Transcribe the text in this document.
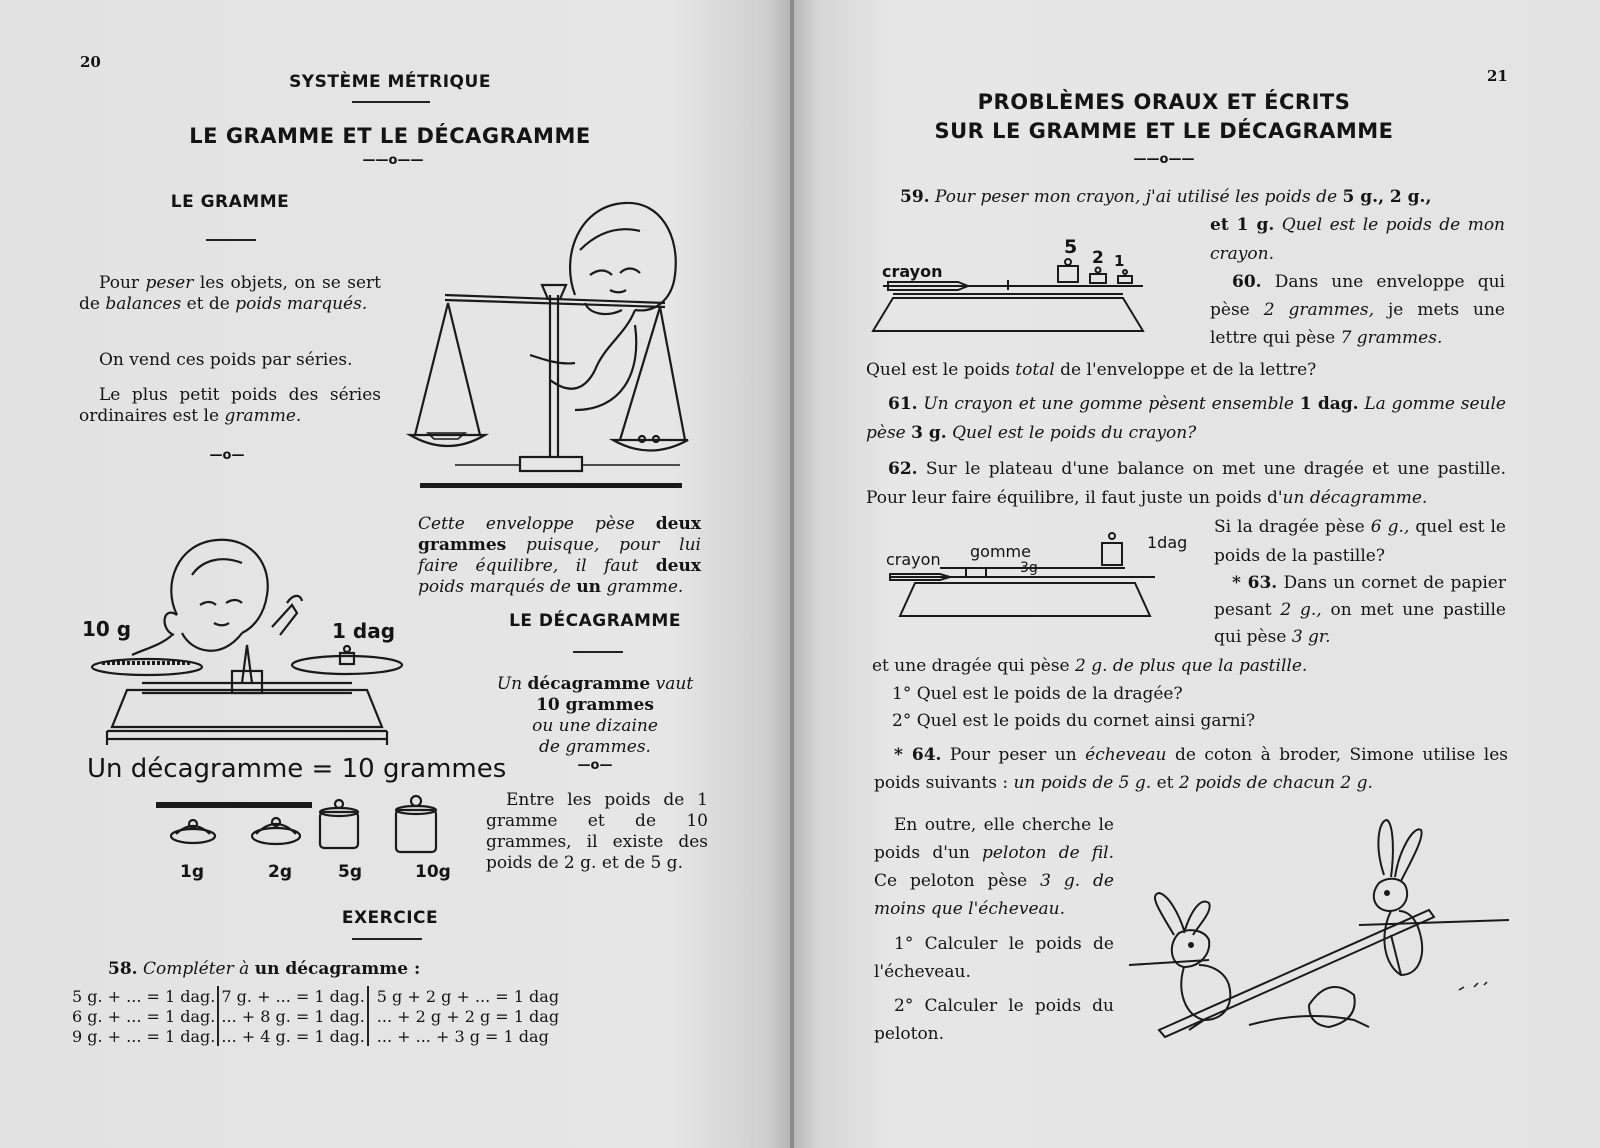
20
SYSTÈME MÉTRIQUE
LE GRAMME ET LE DÉCAGRAMME
——o——
LE GRAMME
Pour peser les objets, on se sert de balances et de poids marqués.
On vend ces poids par séries.
Le plus petit poids des séries ordinaires est le gramme.
—o—
Cette enveloppe pèse deux grammes puisque, pour lui faire équilibre, il faut deux poids marqués de un gramme.
LE DÉCAGRAMME
Un décagramme vaut
10 grammes
ou une dizaine
de grammes.
—o—
Entre les poids de 1 gramme et de 10 grammes, il existe des poids de 2 g. et de 5 g.
10 g	1 dag
Un décagramme = 10 grammes
1g	2g	5g	10g
EXERCICE
58. Compléter à un décagramme :
5 g. + ... = 1 dag.	7 g. + ... = 1 dag.	5 g + 2 g + ... = 1 dag
6 g. + ... = 1 dag.	... + 8 g. = 1 dag.	... + 2 g + 2 g = 1 dag
9 g. + ... = 1 dag.	... + 4 g. = 1 dag.	... + ... + 3 g = 1 dag
21
PROBLÈMES ORAUX ET ÉCRITS
SUR LE GRAMME ET LE DÉCAGRAMME
——o——
59. Pour peser mon crayon, j'ai utilisé les poids de 5 g., 2 g.,
et 1 g. Quel est le poids de mon crayon.
crayon
5 2 1
60. Dans une enveloppe qui pèse 2 grammes, je mets une lettre qui pèse 7 grammes.
Quel est le poids total de l'enveloppe et de la lettre?
61. Un crayon et une gomme pèsent ensemble 1 dag. La gomme seule pèse 3 g. Quel est le poids du crayon?
62. Sur le plateau d'une balance on met une dragée et une pastille. Pour leur faire équilibre, il faut juste un poids d'un décagramme.
Si la dragée pèse 6 g., quel est le poids de la pastille?
crayon gomme
3g
1dag
* 63. Dans un cornet de papier pesant 2 g., on met une pastille qui pèse 3 gr.
et une dragée qui pèse 2 g. de plus que la pastille.
1° Quel est le poids de la dragée?
2° Quel est le poids du cornet ainsi garni?
* 64. Pour peser un écheveau de coton à broder, Simone utilise les poids suivants : un poids de 5 g. et 2 poids de chacun 2 g.
En outre, elle cherche le poids d'un peloton de fil. Ce peloton pèse 3 g. de moins que l'écheveau.
1° Calculer le poids de l'écheveau.
2° Calculer le poids du peloton.
